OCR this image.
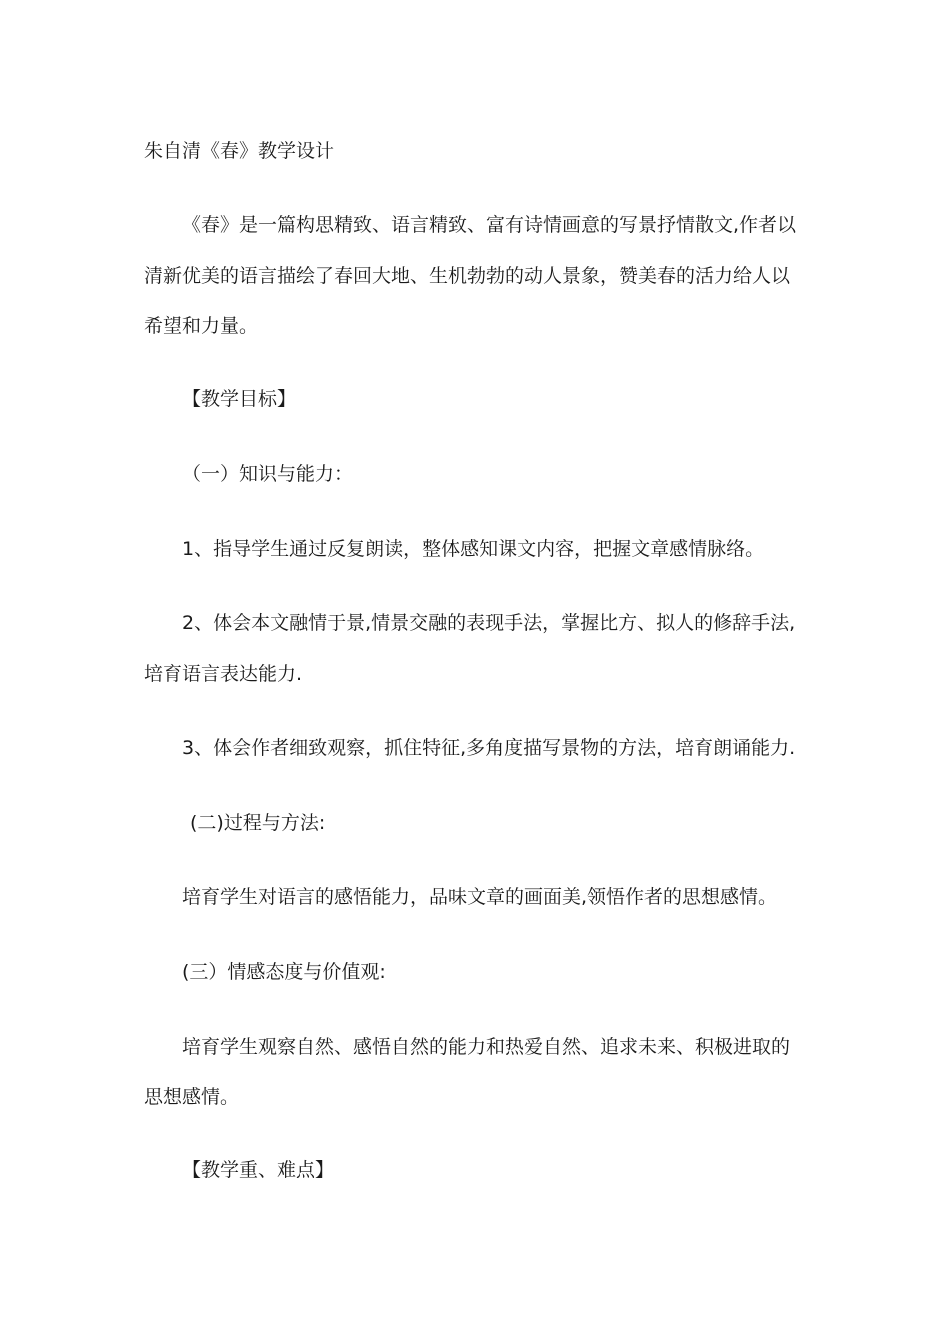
朱自清《春》教学设计
《春》是一篇构思精致、语言精致、富有诗情画意的写景抒情散文,作者以
清新优美的语言描绘了春回大地、生机勃勃的动人景象，赞美春的活力给人以
希望和力量。
【教学目标】
（一）知识与能力：
1、指导学生通过反复朗读，整体感知课文内容，把握文章感情脉络。
2、体会本文融情于景,情景交融的表现手法，掌握比方、拟人的修辞手法,
培育语言表达能力.
3、体会作者细致观察，抓住特征,多角度描写景物的方法，培育朗诵能力.
(二)过程与方法:
培育学生对语言的感悟能力，品味文章的画面美,领悟作者的思想感情。
(三）情感态度与价值观:
培育学生观察自然、感悟自然的能力和热爱自然、追求未来、积极进取的
思想感情。
【教学重、难点】
